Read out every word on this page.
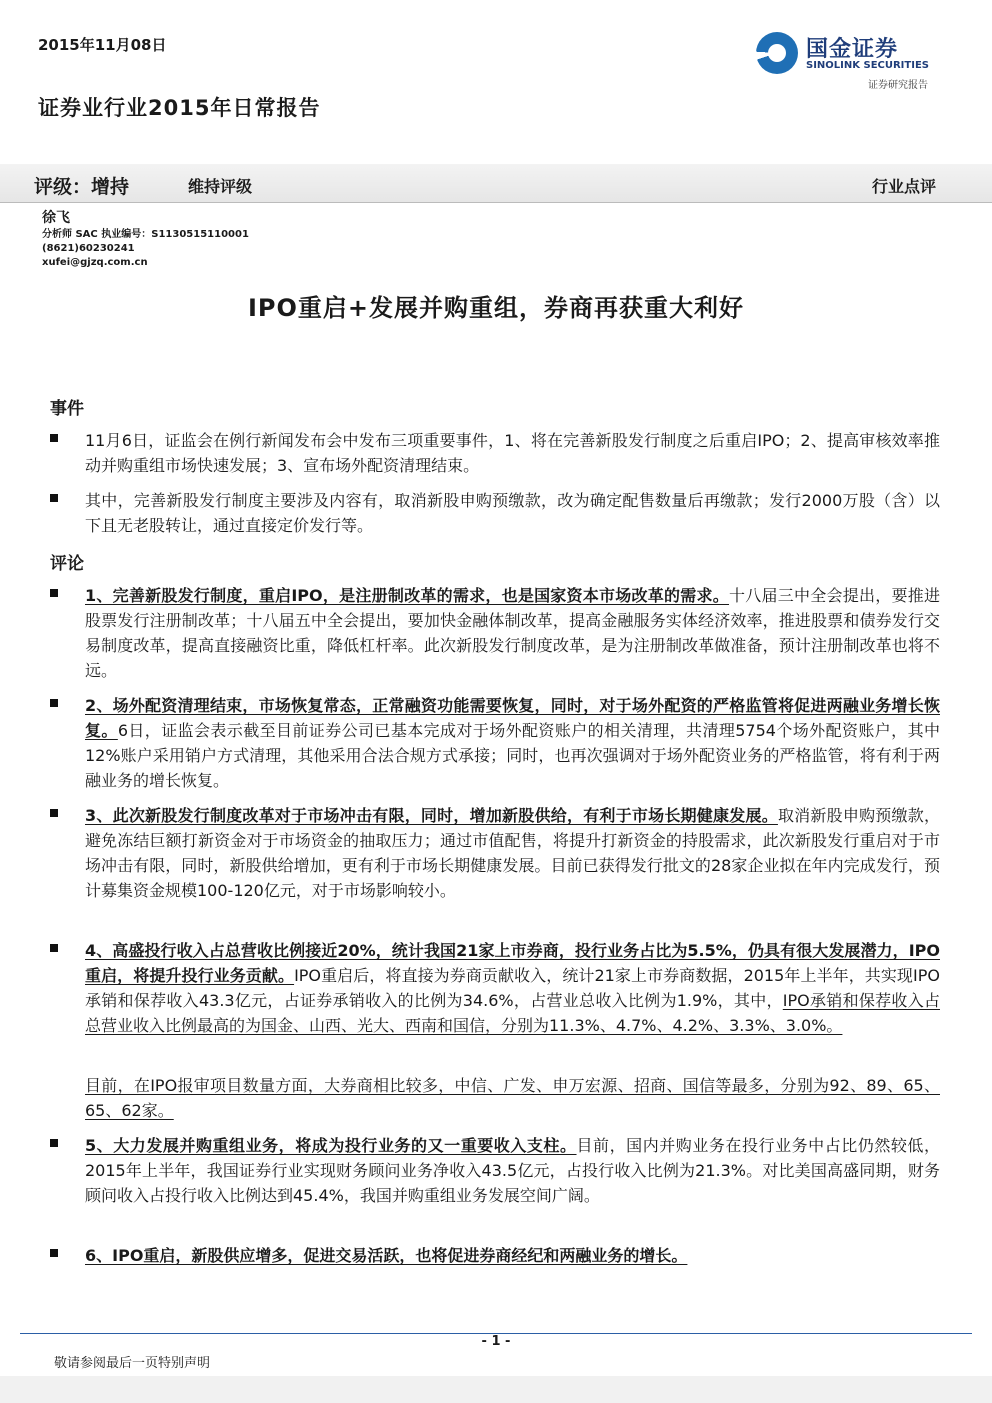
2015年11月08日
证券业行业2015年日常报告
国金证券
SINOLINK SECURITIES
证券研究报告
评级：增持	维持评级	行业点评
徐飞
分析师 SAC 执业编号：S1130515110001
(8621)60230241
xufei@gjzq.com.cn
IPO重启+发展并购重组，券商再获重大利好
事件
11月6日，证监会在例行新闻发布会中发布三项重要事件，1、将在完善新股发行制度之后重启IPO；2、提高审核效率推动并购重组市场快速发展；3、宣布场外配资清理结束。
其中，完善新股发行制度主要涉及内容有，取消新股申购预缴款，改为确定配售数量后再缴款；发行2000万股（含）以下且无老股转让，通过直接定价发行等。
评论
1、完善新股发行制度，重启IPO，是注册制改革的需求，也是国家资本市场改革的需求。十八届三中全会提出，要推进股票发行注册制改革；十八届五中全会提出，要加快金融体制改革，提高金融服务实体经济效率，推进股票和债券发行交易制度改革，提高直接融资比重，降低杠杆率。此次新股发行制度改革，是为注册制改革做准备，预计注册制改革也将不远。
2、场外配资清理结束，市场恢复常态，正常融资功能需要恢复，同时，对于场外配资的严格监管将促进两融业务增长恢复。6日，证监会表示截至目前证券公司已基本完成对于场外配资账户的相关清理，共清理5754个场外配资账户，其中12%账户采用销户方式清理，其他采用合法合规方式承接；同时，也再次强调对于场外配资业务的严格监管，将有利于两融业务的增长恢复。
3、此次新股发行制度改革对于市场冲击有限，同时，增加新股供给，有利于市场长期健康发展。取消新股申购预缴款，避免冻结巨额打新资金对于市场资金的抽取压力；通过市值配售，将提升打新资金的持股需求，此次新股发行重启对于市场冲击有限，同时，新股供给增加，更有利于市场长期健康发展。目前已获得发行批文的28家企业拟在年内完成发行，预计募集资金规模100-120亿元，对于市场影响较小。
4、高盛投行收入占总营收比例接近20%，统计我国21家上市券商，投行业务占比为5.5%，仍具有很大发展潜力，IPO重启，将提升投行业务贡献。IPO重启后，将直接为券商贡献收入，统计21家上市券商数据，2015年上半年，共实现IPO承销和保荐收入43.3亿元，占证券承销收入的比例为34.6%，占营业总收入比例为1.9%，其中，IPO承销和保荐收入占总营业收入比例最高的为国金、山西、光大、西南和国信，分别为11.3%、4.7%、4.2%、3.3%、3.0%。
目前，在IPO报审项目数量方面，大券商相比较多，中信、广发、申万宏源、招商、国信等最多，分别为92、89、65、65、62家。
5、大力发展并购重组业务，将成为投行业务的又一重要收入支柱。目前，国内并购业务在投行业务中占比仍然较低，2015年上半年，我国证券行业实现财务顾问业务净收入43.5亿元，占投行收入比例为21.3%。对比美国高盛同期，财务顾问收入占投行收入比例达到45.4%，我国并购重组业务发展空间广阔。
6、IPO重启，新股供应增多，促进交易活跃，也将促进券商经纪和两融业务的增长。
- 1 -
敬请参阅最后一页特别声明
